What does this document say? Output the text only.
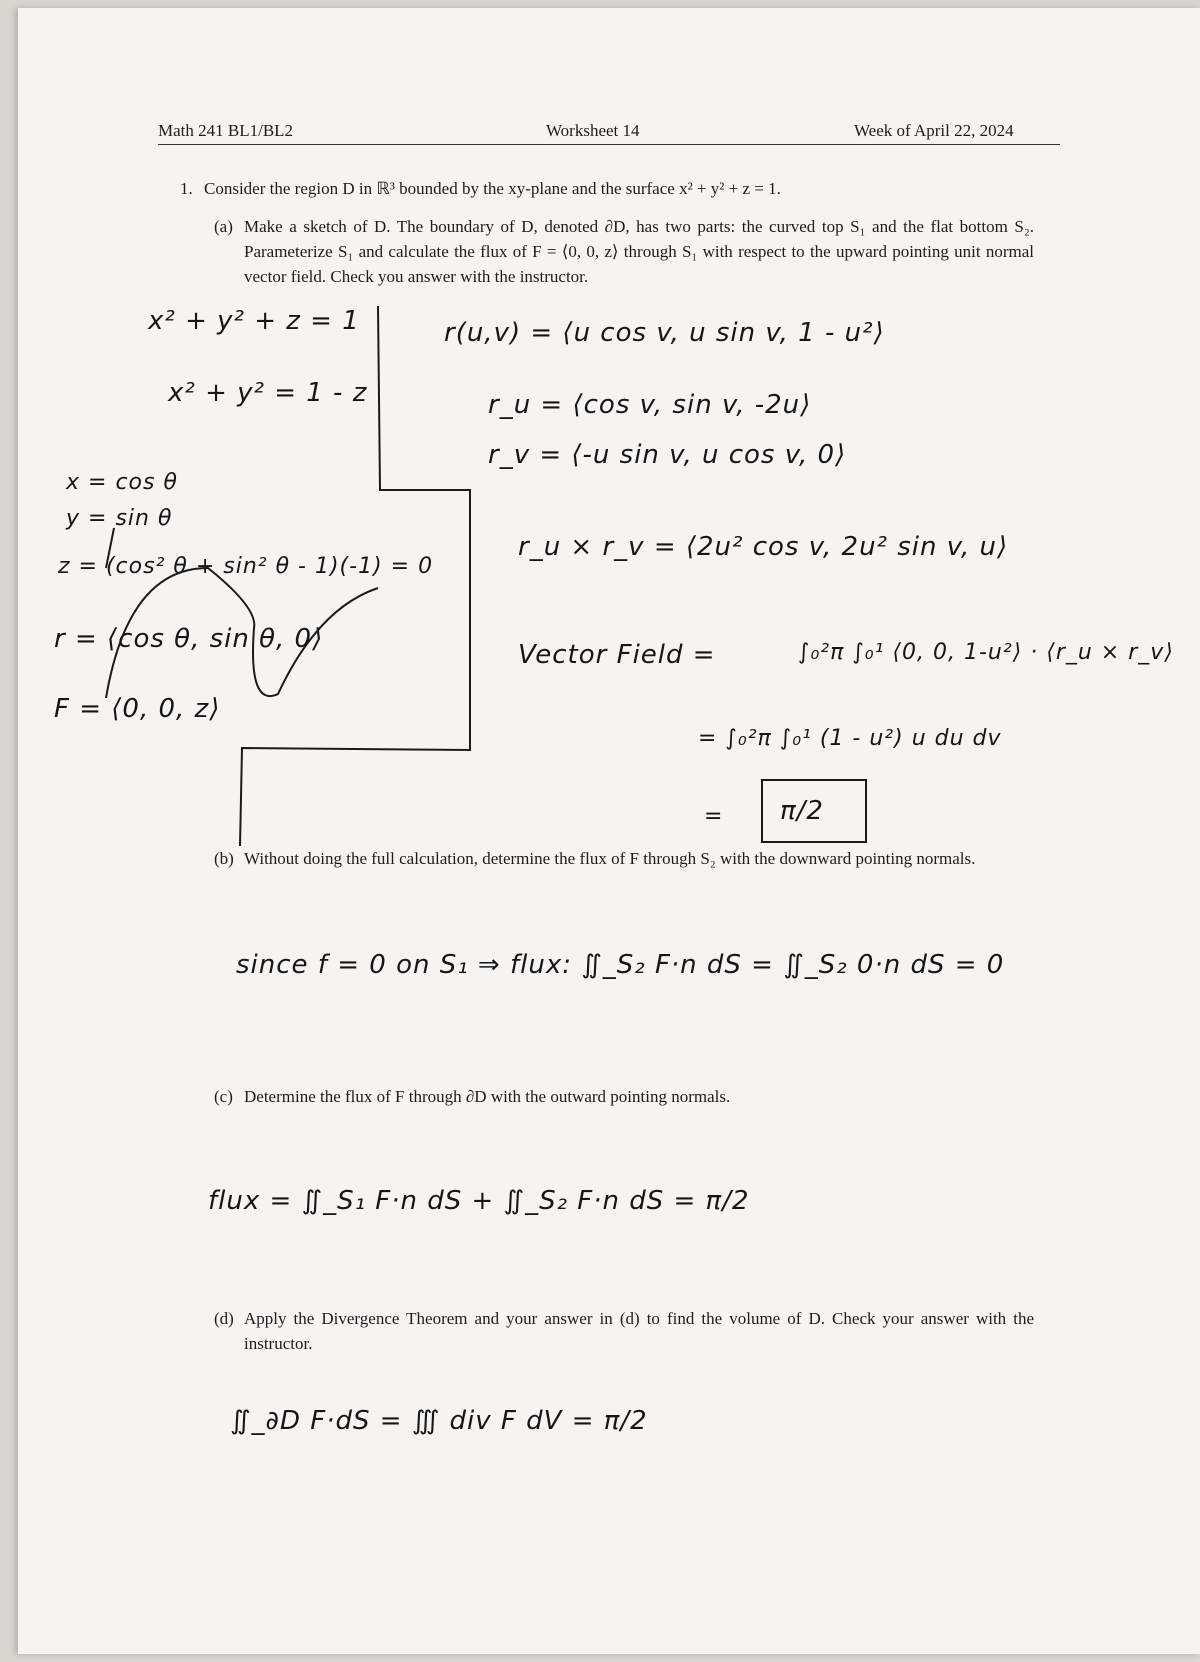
Math 241 BL1/BL2	Worksheet 14	Week of April 22, 2024
1. Consider the region D in ℝ³ bounded by the xy-plane and the surface x² + y² + z = 1.
(a) Make a sketch of D. The boundary of D, denoted ∂D, has two parts: the curved top S₁ and the flat bottom S₂. Parameterize S₁ and calculate the flux of F = ⟨0, 0, z⟩ through S₁ with respect to the upward pointing unit normal vector field. Check you answer with the instructor.
x² + y² + z = 1
x² + y² = 1 - z
x = cos θ
y = sin θ
z = (cos² θ + sin² θ - 1)(-1) = 0
r = ⟨cos θ, sin θ, 0⟩
F = ⟨0, 0, z⟩
r(u,v) = ⟨u cos v, u sin v, 1 - u²⟩
r_u = ⟨cos v, sin v, -2u⟩
r_v = ⟨-u sin v, u cos v, 0⟩
r_u × r_v = ⟨2u² cos v, 2u² sin v, u⟩
Vector Field =	∫₀²π ∫₀¹ ⟨0, 0, 1-u²⟩ · ⟨r_u × r_v⟩
= ∫₀²π ∫₀¹ (1 - u²) u du dv
= π/2
(b) Without doing the full calculation, determine the flux of F through S₂ with the downward pointing normals.
since f = 0 on S₁ ⇒ flux: ∬_S₂ F·n dS = ∬_S₂ 0·n dS = 0
(c) Determine the flux of F through ∂D with the outward pointing normals.
flux = ∬_S₁ F·n dS + ∬_S₂ F·n dS = π/2
(d) Apply the Divergence Theorem and your answer in (d) to find the volume of D. Check your answer with the instructor.
∬_∂D F·dS = ∭ div F dV = π/2
